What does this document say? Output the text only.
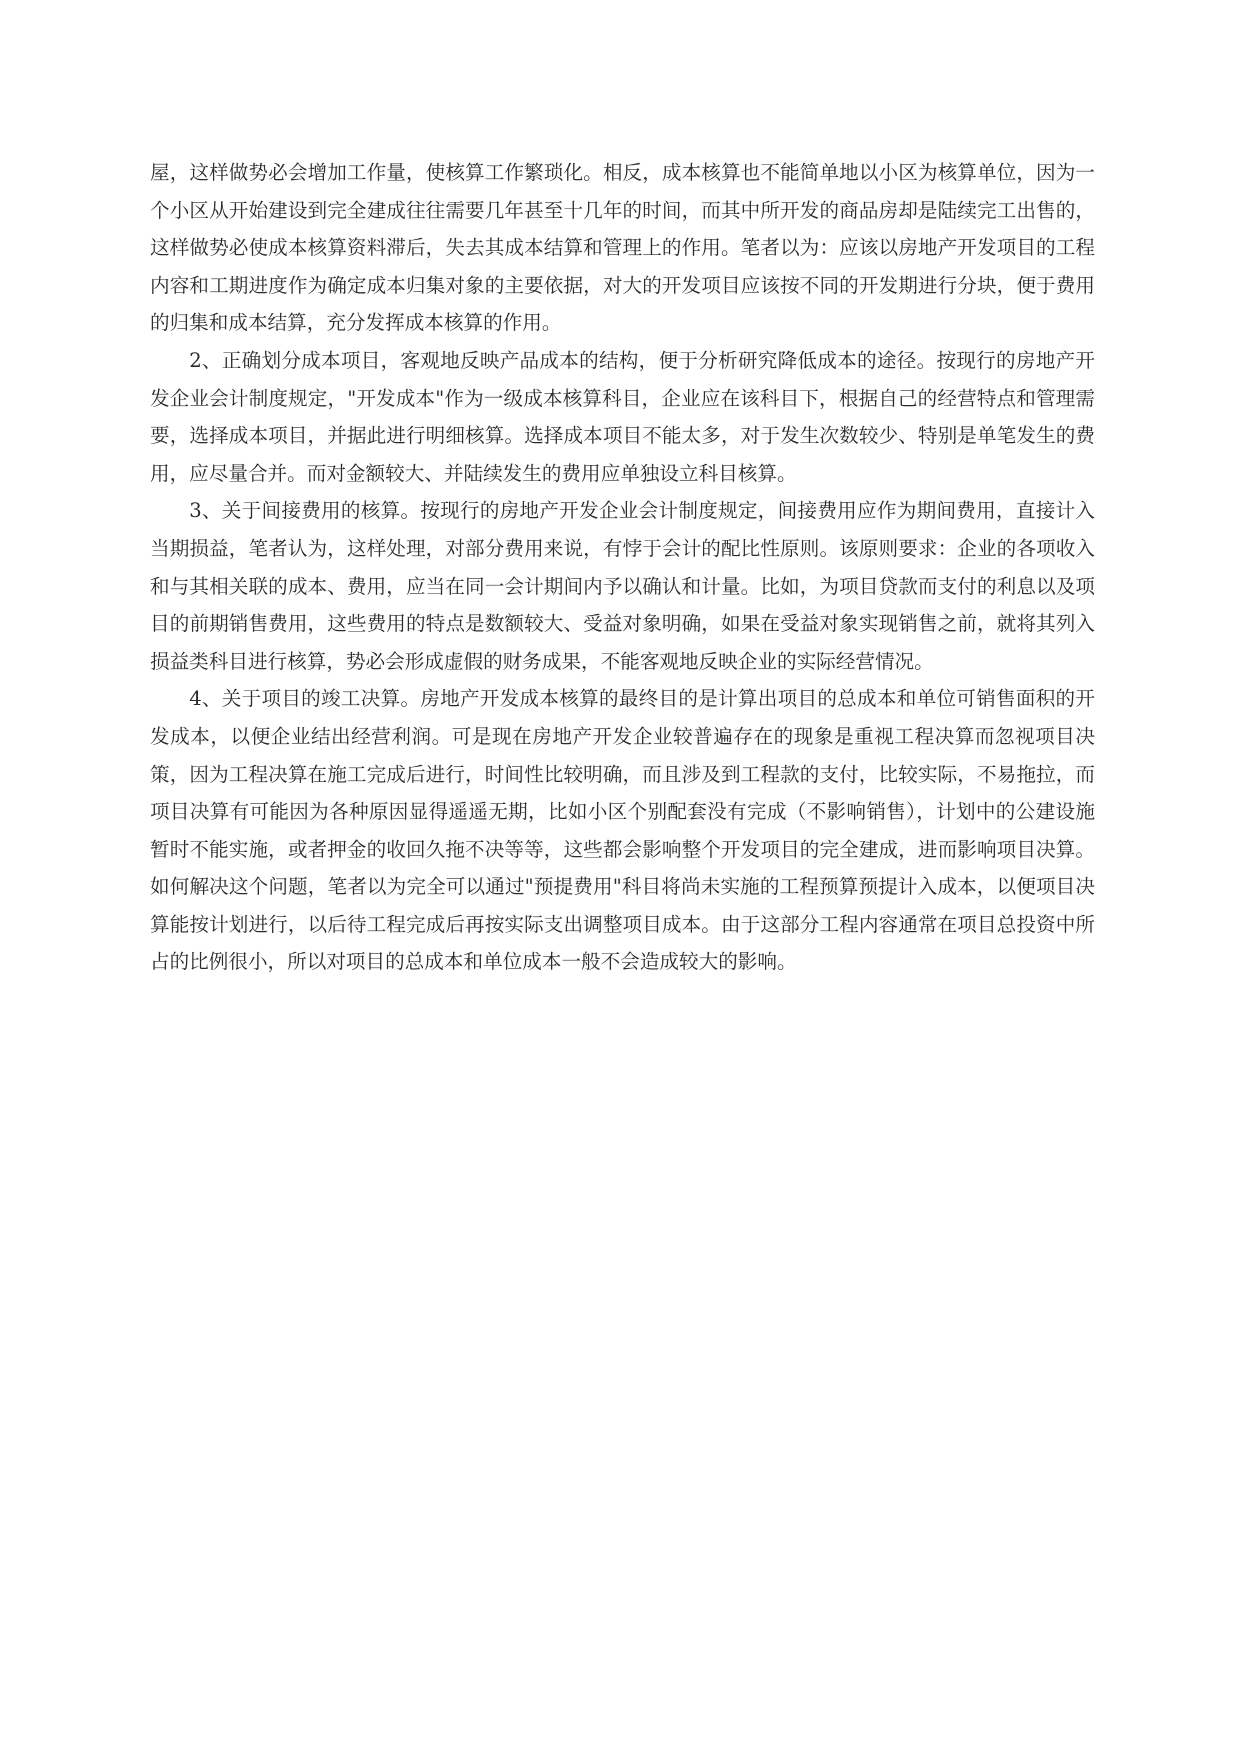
屋，这样做势必会增加工作量，使核算工作繁琐化。相反，成本核算也不能简单地以小区为核算单位，因为一个小区从开始建设到完全建成往往需要几年甚至十几年的时间，而其中所开发的商品房却是陆续完工出售的，这样做势必使成本核算资料滞后，失去其成本结算和管理上的作用。笔者以为：应该以房地产开发项目的工程内容和工期进度作为确定成本归集对象的主要依据，对大的开发项目应该按不同的开发期进行分块，便于费用的归集和成本结算，充分发挥成本核算的作用。

2、正确划分成本项目，客观地反映产品成本的结构，便于分析研究降低成本的途径。按现行的房地产开发企业会计制度规定，"开发成本"作为一级成本核算科目，企业应在该科目下，根据自己的经营特点和管理需要，选择成本项目，并据此进行明细核算。选择成本项目不能太多，对于发生次数较少、特别是单笔发生的费用，应尽量合并。而对金额较大、并陆续发生的费用应单独设立科目核算。

3、关于间接费用的核算。按现行的房地产开发企业会计制度规定，间接费用应作为期间费用，直接计入当期损益，笔者认为，这样处理，对部分费用来说，有悖于会计的配比性原则。该原则要求：企业的各项收入和与其相关联的成本、费用，应当在同一会计期间内予以确认和计量。比如，为项目贷款而支付的利息以及项目的前期销售费用，这些费用的特点是数额较大、受益对象明确，如果在受益对象实现销售之前，就将其列入损益类科目进行核算，势必会形成虚假的财务成果，不能客观地反映企业的实际经营情况。

4、关于项目的竣工决算。房地产开发成本核算的最终目的是计算出项目的总成本和单位可销售面积的开发成本，以便企业结出经营利润。可是现在房地产开发企业较普遍存在的现象是重视工程决算而忽视项目决策，因为工程决算在施工完成后进行，时间性比较明确，而且涉及到工程款的支付，比较实际，不易拖拉，而项目决算有可能因为各种原因显得遥遥无期，比如小区个别配套没有完成（不影响销售），计划中的公建设施暂时不能实施，或者押金的收回久拖不决等等，这些都会影响整个开发项目的完全建成，进而影响项目决算。如何解决这个问题，笔者以为完全可以通过"预提费用"科目将尚未实施的工程预算预提计入成本，以便项目决算能按计划进行，以后待工程完成后再按实际支出调整项目成本。由于这部分工程内容通常在项目总投资中所占的比例很小，所以对项目的总成本和单位成本一般不会造成较大的影响。
